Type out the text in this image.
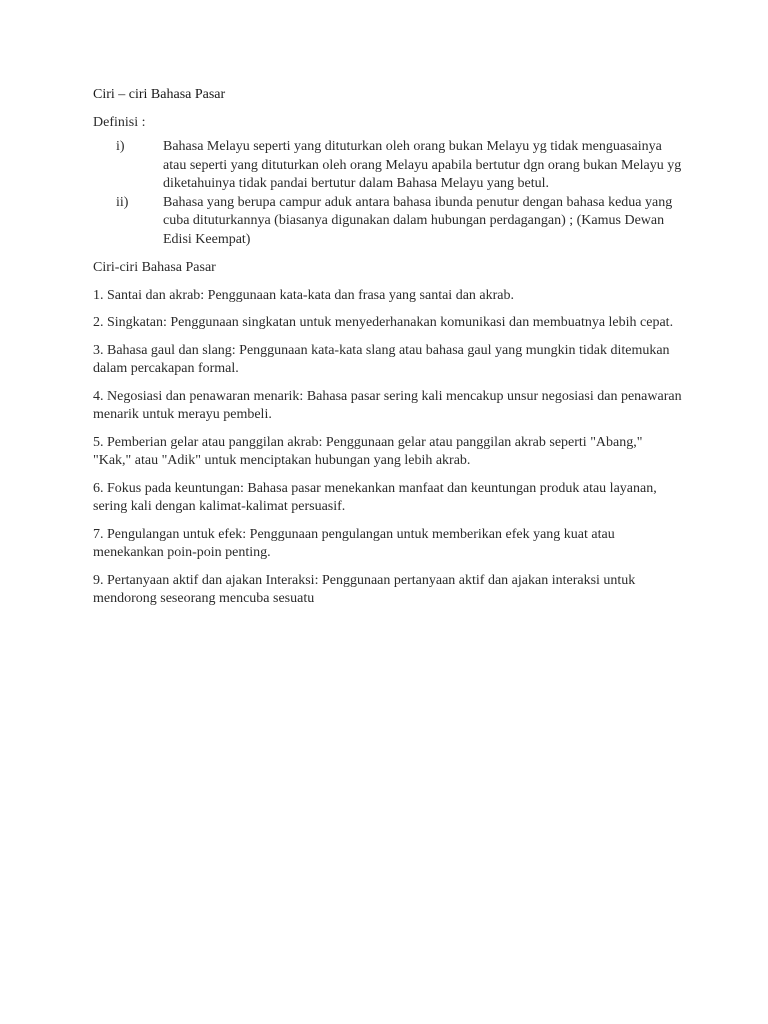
Ciri – ciri Bahasa Pasar

Definisi :

i)	Bahasa Melayu seperti yang dituturkan oleh orang bukan Melayu yg tidak menguasainya atau seperti yang dituturkan oleh orang Melayu apabila bertutur dgn orang bukan Melayu yg diketahuinya tidak pandai bertutur dalam Bahasa Melayu yang betul.
ii)	Bahasa yang berupa campur aduk antara bahasa ibunda penutur dengan bahasa kedua yang cuba dituturkannya (biasanya digunakan dalam hubungan perdagangan) ; (Kamus Dewan Edisi Keempat)

Ciri-ciri Bahasa Pasar

1. Santai dan akrab: Penggunaan kata-kata dan frasa yang santai dan akrab.

2. Singkatan: Penggunaan singkatan untuk menyederhanakan komunikasi dan membuatnya lebih cepat.

3. Bahasa gaul dan slang: Penggunaan kata-kata slang atau bahasa gaul yang mungkin tidak ditemukan dalam percakapan formal.

4. Negosiasi dan penawaran menarik: Bahasa pasar sering kali mencakup unsur negosiasi dan penawaran menarik untuk merayu pembeli.

5. Pemberian gelar atau panggilan akrab: Penggunaan gelar atau panggilan akrab seperti "Abang," "Kak," atau "Adik" untuk menciptakan hubungan yang lebih akrab.

6. Fokus pada keuntungan: Bahasa pasar menekankan manfaat dan keuntungan produk atau layanan, sering kali dengan kalimat-kalimat persuasif.

7. Pengulangan untuk efek: Penggunaan pengulangan untuk memberikan efek yang kuat atau menekankan poin-poin penting.

9. Pertanyaan aktif dan ajakan Interaksi: Penggunaan pertanyaan aktif dan ajakan interaksi untuk mendorong seseorang mencuba sesuatu
